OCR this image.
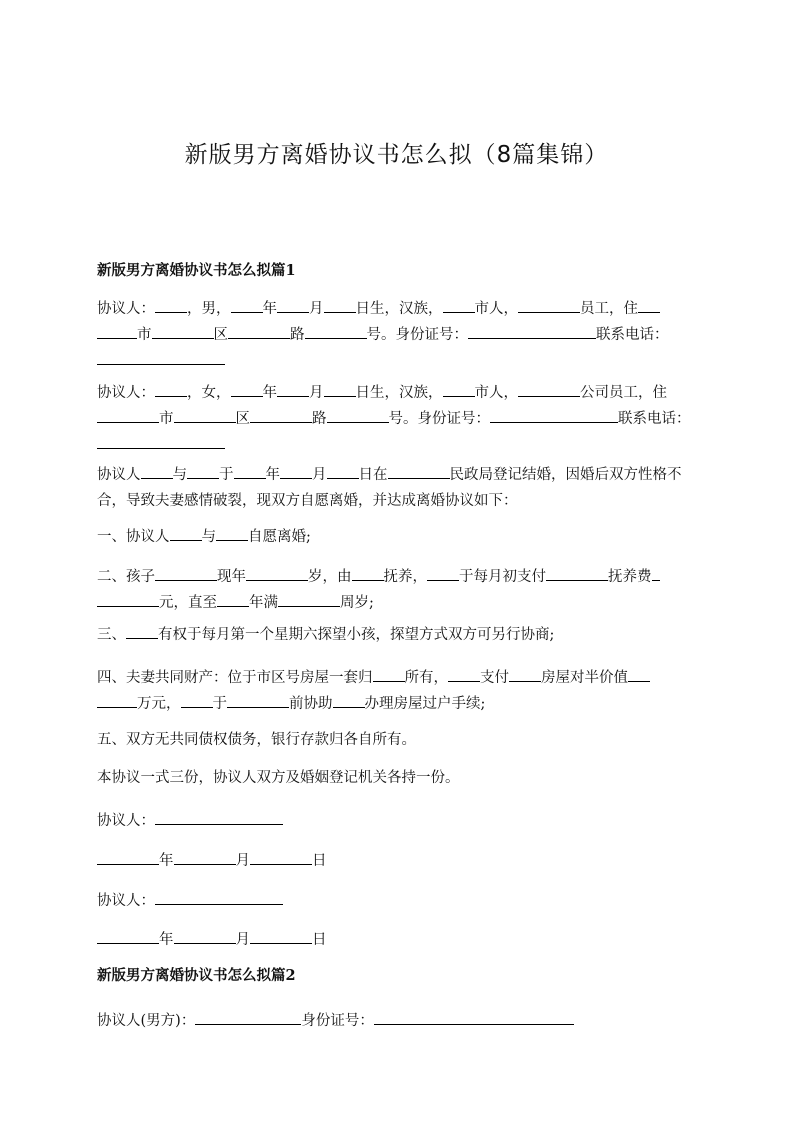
新版男方离婚协议书怎么拟（8篇集锦）
新版男方离婚协议书怎么拟篇1
协议人： ，男， 年 月 日生，汉族， 市人，	员工，住
市	区	路	号。身份证号：	联系电话：

协议人： ，女， 年 月 日生，汉族， 市人，	公司员工，住市	区	路	号。身份证号：	联系电话：
协议人 与 于 年 月 日在	民政局登记结婚，因婚后双方性格不合，导致夫妻感情破裂，现双方自愿离婚，并达成离婚协议如下：
一、协议人 与 自愿离婚;
二、孩子	现年	岁，由 抚养， 于每月初支付	抚养费
元，直至 年满	周岁;
三、 有权于每月第一个星期六探望小孩，探望方式双方可另行协商;
四、夫妻共同财产：位于市区号房屋一套归 所有， 支付 房屋对半价值
万元， 于	前协助 办理房屋过户手续;
五、双方无共同债权债务，银行存款归各自所有。
本协议一式三份，协议人双方及婚姻登记机关各持一份。
协议人：
年	月	日
协议人：
年	月	日
新版男方离婚协议书怎么拟篇2
协议人(男方)：	身份证号：
